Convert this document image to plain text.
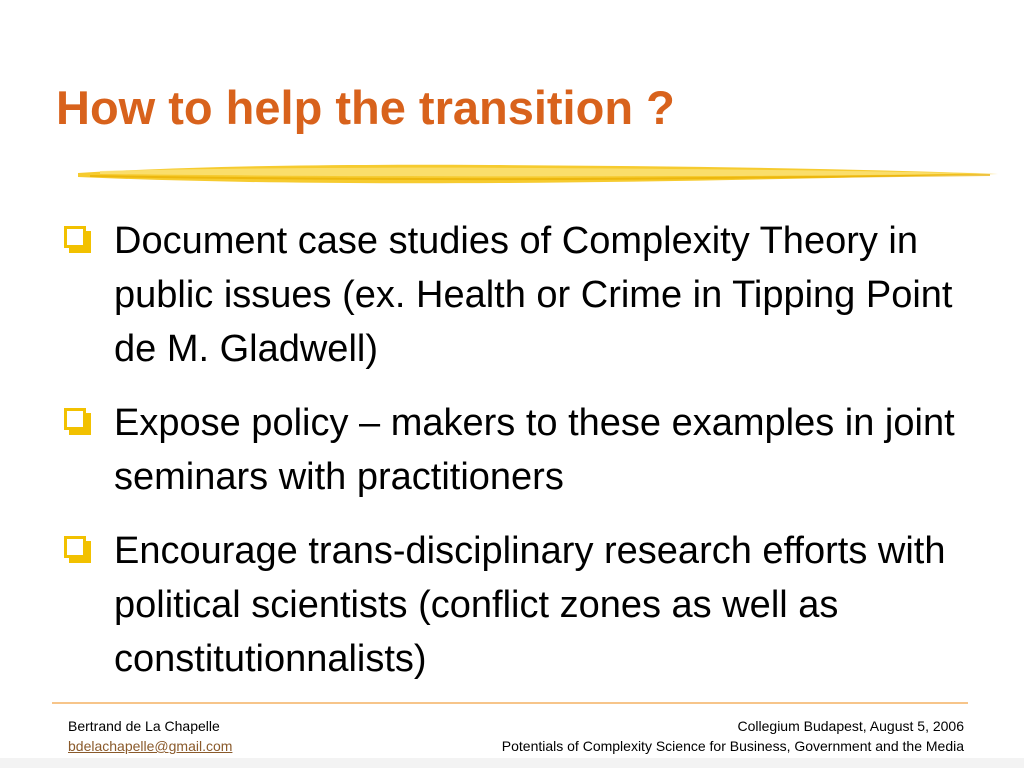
How to help the transition ?
Document case studies of Complexity Theory in public issues (ex. Health or Crime in Tipping Point de M. Gladwell)
Expose policy – makers to these examples in joint seminars with practitioners
Encourage trans-disciplinary research efforts with political scientists (conflict zones as well as constitutionnalists)
Bertrand de La Chapelle
bdelachapelle@gmail.com
Collegium Budapest, August 5, 2006
Potentials of Complexity Science for Business, Government and the Media
